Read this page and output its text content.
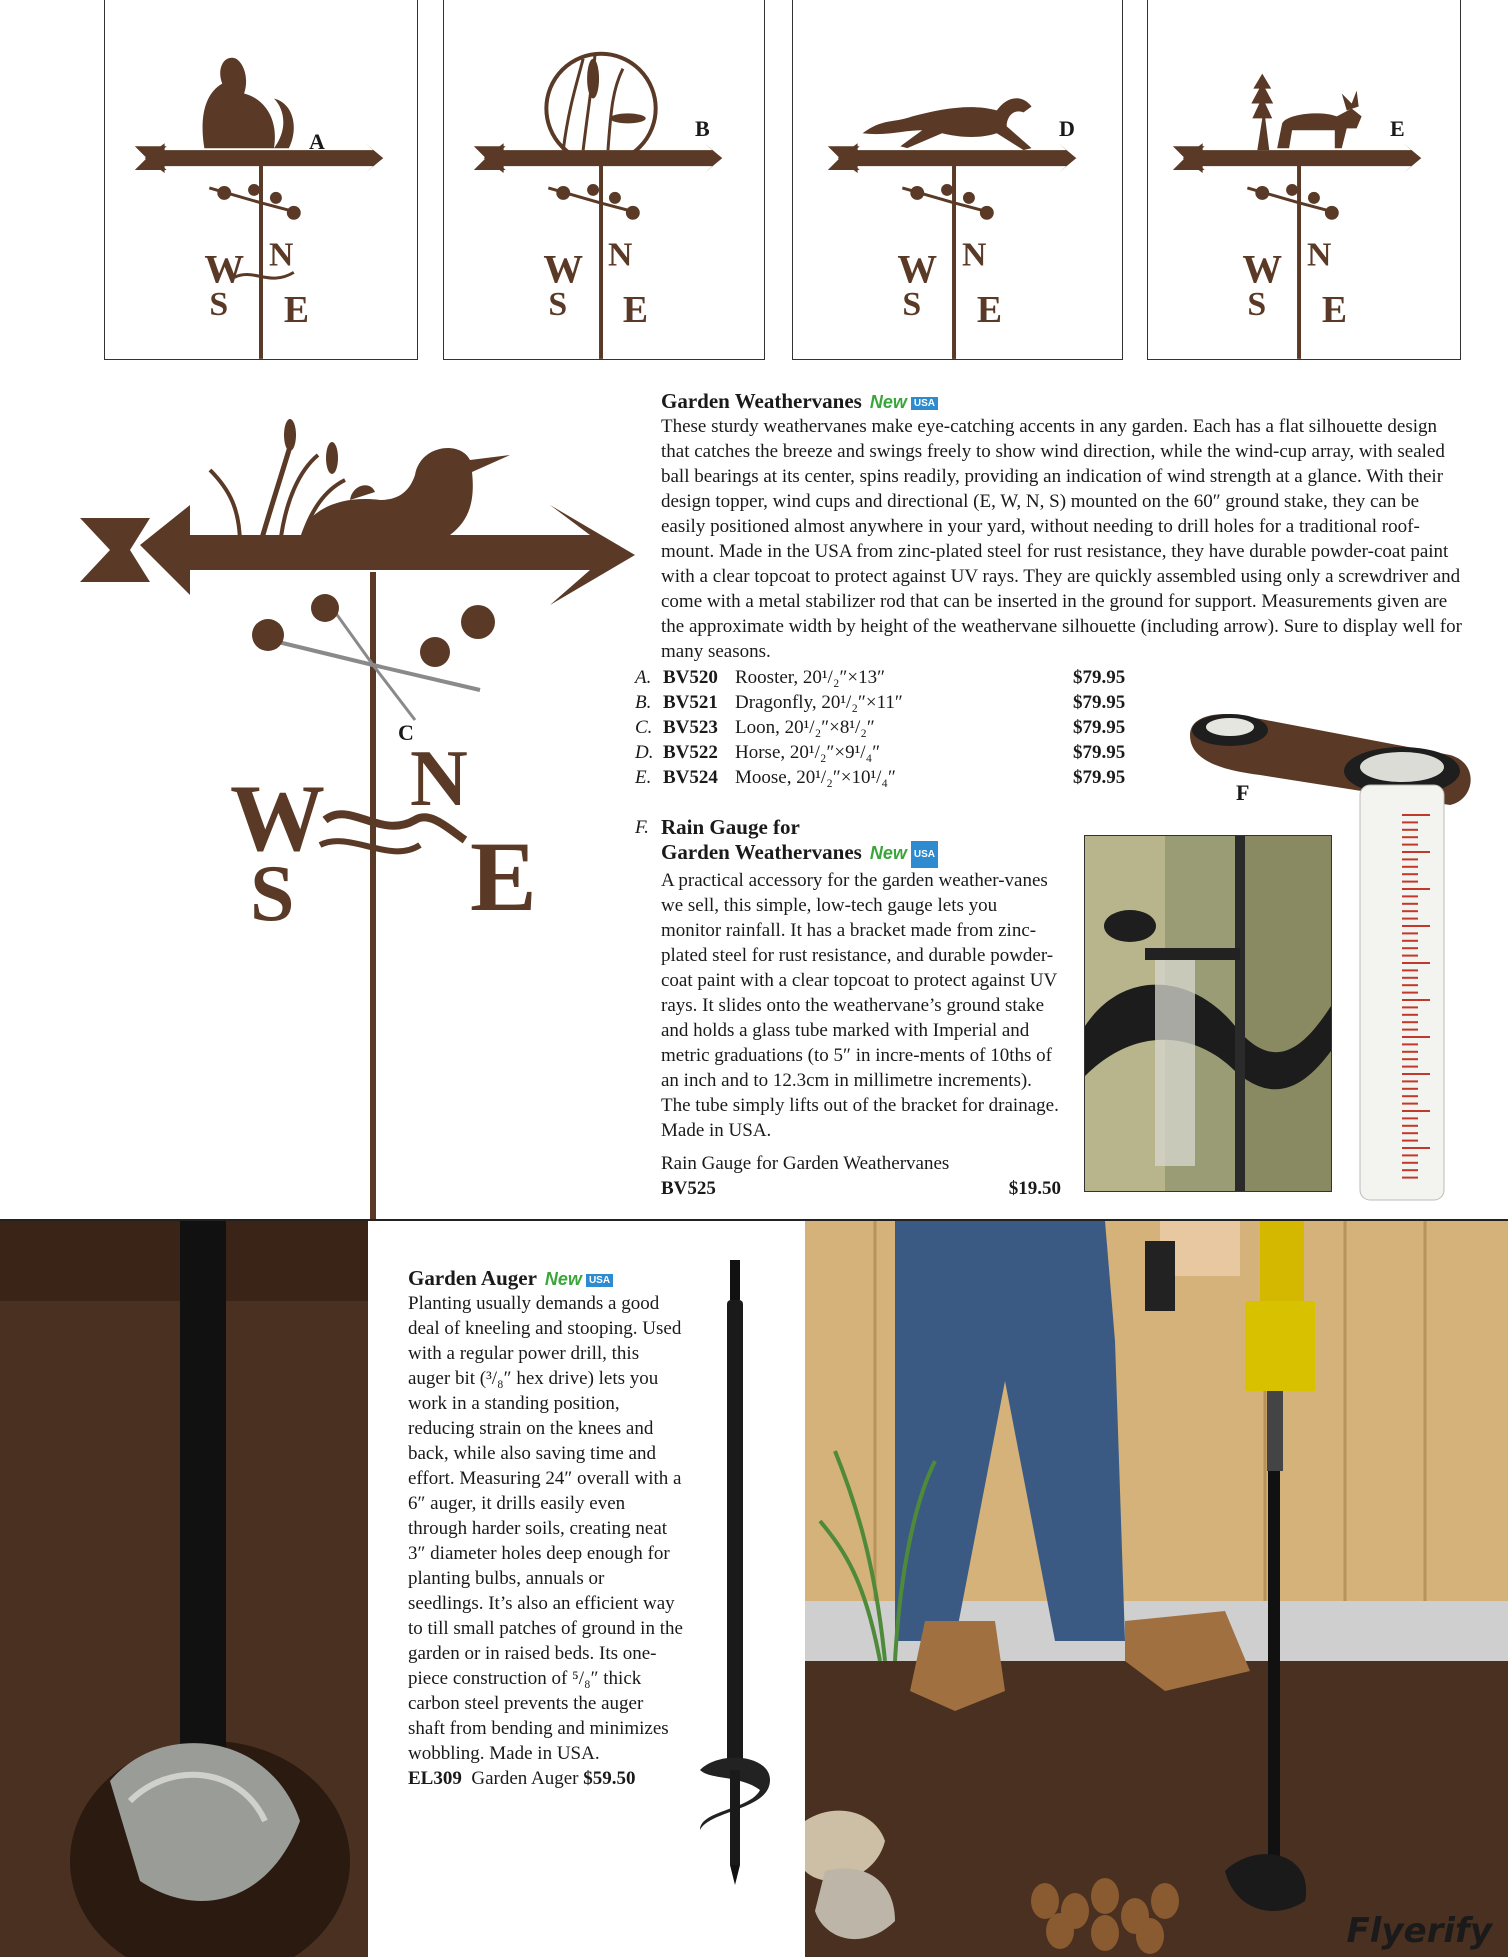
W N
S E
A
W N
S E
B
W N
S E
D
W N
S E
E
W N
S E
C
Garden Weathervanes New USA
These sturdy weathervanes make eye-catching accents in any garden. Each has a flat silhouette design that catches the breeze and swings freely to show wind direction, while the wind-cup array, with sealed ball bearings at its center, spins readily, providing an indication of wind strength at a glance. With their design topper, wind cups and directional (E, W, N, S) mounted on the 60″ ground stake, they can be easily positioned almost anywhere in your yard, without needing to drill holes for a traditional roof-mount. Made in the USA from zinc-plated steel for rust resistance, they have durable powder-coat paint with a clear topcoat to protect against UV rays. They are quickly assembled using only a screwdriver and come with a metal stabilizer rod that can be inserted in the ground for support. Measurements given are the approximate width by height of the weathervane silhouette (including arrow). Sure to display well for many seasons.
A. BV520 Rooster, 20¹/₂″×13″	$79.95
B. BV521 Dragonfly, 20¹/₂″×11″	$79.95
C. BV523 Loon, 20¹/₂″×8¹/₂″	$79.95
D. BV522 Horse, 20¹/₂″×9¹/₄″	$79.95
E. BV524 Moose, 20¹/₂″×10¹/₄″	$79.95
F. Rain Gauge for
Garden Weathervanes New USA
A practical accessory for the garden weather-vanes we sell, this simple, low-tech gauge lets you monitor rainfall. It has a bracket made from zinc-plated steel for rust resistance, and durable powder-coat paint with a clear topcoat to protect against UV rays. It slides onto the weathervane’s ground stake and holds a glass tube marked with Imperial and metric graduations (to 5″ in incre-ments of 10ths of an inch and to 12.3cm in millimetre increments). The tube simply lifts out of the bracket for drainage. Made in USA.
Rain Gauge for Garden Weathervanes
BV525	$19.50
F
Garden Auger New USA
Planting usually demands a good deal of kneeling and stooping. Used with a regular power drill, this auger bit (³/₈″ hex drive) lets you work in a standing position, reducing strain on the knees and back, while also saving time and effort. Measuring 24″ overall with a 6″ auger, it drills easily even through harder soils, creating neat 3″ diameter holes deep enough for planting bulbs, annuals or seedlings. It’s also an efficient way to till small patches of ground in the garden or in raised beds. Its one-piece construction of ⁵/₈″ thick carbon steel prevents the auger shaft from bending and minimizes wobbling. Made in USA.
EL309 Garden Auger $59.50
Flyerify
